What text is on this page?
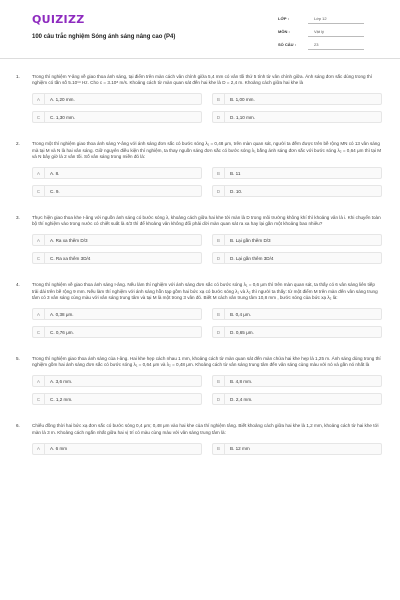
QUIZIZZ
100 câu trắc nghiệm Sóng ánh sáng nâng cao (P4)
LỚP :	Lớp 12
MÔN :	Vật lý
SỐ CÂU :	23
1.	Trong thí nghiệm Y-âng về giao thoa ánh sáng, tại điểm trên màn cách vân chính giữa 5,4 mm có vân tối thứ 5 tính từ vân chính giữa. Ánh sáng đơn sắc dùng trong thí nghiệm có tần số 5.10¹⁴ Hz. Cho c = 3.10⁸ m/s. Khoảng cách từ màn quan sát đến hai khe là D = 2,4 m. Khoảng cách giữa hai khe là

A	A. 1,20 mm.	B	B. 1,00 mm.
C	C. 1,30 mm.	D	D. 1,10 mm.
2.	Trong một thí nghiệm giao thoa ánh sáng Y-âng với ánh sáng đơn sắc có bước sóng λ₁ = 0,48 μm, trên màn quan sát, người ta đếm được trên bề rộng MN có 13 vân sáng mà tại M và N là hai vân sáng. Giữ nguyên điều kiện thí nghiệm, ta thay nguồn sáng đơn sắc có bước sóng λ₁ bằng ánh sáng đơn sắc với bước sóng λ₂ = 0,64 μm thì tại M và N bây giờ là 2 vân tối. Số vân sáng trong miền đó là:

A	A. 8.	B	B. 11
C	C. 9.	D	D. 10.
3.	Thực hiện giao thoa khe I-âng với nguồn ánh sáng có bước sóng λ, khoảng cách giữa hai khe tới màn là D trong môi trường không khí thì khoảng vân là i. Khi chuyển toàn bộ thí nghiệm vào trong nước có chiết suất là 4/3 thì để khoảng vân không đổi phải dời màn quan sát ra xa hay lại gần một khoảng bao nhiêu?

A	A. Ra xa thêm D/3	B	B. Lại gần thêm D/3
C	C. Ra xa thêm 3D/4	D	D. Lại gần thêm 3D/4
4.	Trong thí nghiệm về giao thoa ánh sáng I-âng. Nếu làm thí nghiệm với ánh sáng đơn sắc có bước sóng λ₁ = 0,6 μm thì trên màn quan sát, ta thấy có 6 vân sáng liên tiếp trải dài trên bề rộng 9 mm. Nếu làm thí nghiệm với ánh sáng hỗn tạp gồm hai bức xạ có bước sóng λ₁ và λ₂ thì người ta thấy: từ một điểm M trên màn đến vân sáng trung tâm có 3 vân sáng cùng màu với vân sáng trung tâm và tại M là một trong 3 vân đó. Biết M cách vân trung tâm 10,8 mm , bước sóng của bức xạ λ₂ là:

A	A. 0,38 μm.	B	B. 0,4 μm.
C	C. 0,76 μm.	D	D. 0,65 μm.
5.	Trong thí nghiệm giao thoa ánh sáng của I-âng. Hai khe hẹp cách nhau 1 mm, khoảng cách từ màn quan sát đến màn chứa hai khe hẹp là 1,25 m. Ánh sáng dùng trong thí nghiệm gồm hai ánh sáng đơn sắc có bước sóng λ₁ = 0,64 μm và λ₂ = 0,48 μm. Khoảng cách từ vân sáng trung tâm đến vân sáng cùng màu với nó và gần nó nhất là

A	A. 3,6 mm.	B	B. 4,8 mm.
C	C. 1,2 mm.	D	D. 2,4 mm.
6.	Chiếu đồng thời hai bức xạ đơn sắc có bước sóng 0,4 μm; 0,48 μm vào hai khe của thí nghiệm Iâng. Biết khoảng cách giữa hai khe là 1,2 mm, khoảng cách từ hai khe tới màn là 3 m. Khoảng cách ngắn nhất giữa hai vị trí có màu cùng màu với vân sáng trung tâm là:

A	A. 6 mm	B	B. 12 mm
